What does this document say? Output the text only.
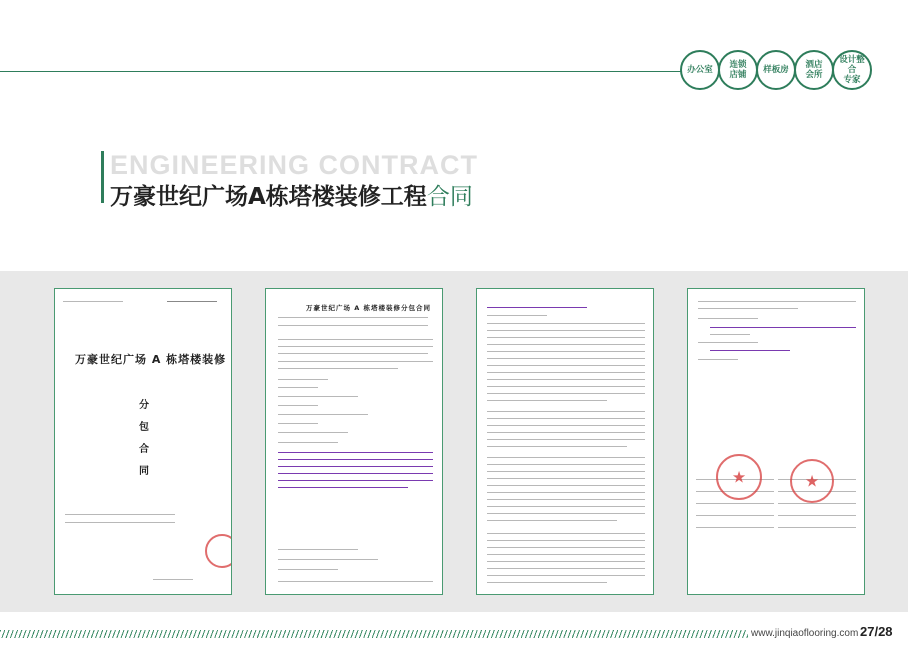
办公室	连锁
店铺	样板房	酒店
会所
设计整合
专家
ENGINEERING CONTRACT
万豪世纪广场A栋塔楼装修工程合同
万豪世纪广场 A 栋塔楼装修
分
包
合
同
万豪世纪广场 A 栋塔楼装修分包合同
★	★
www.jinqiaoflooring.com 27/28
